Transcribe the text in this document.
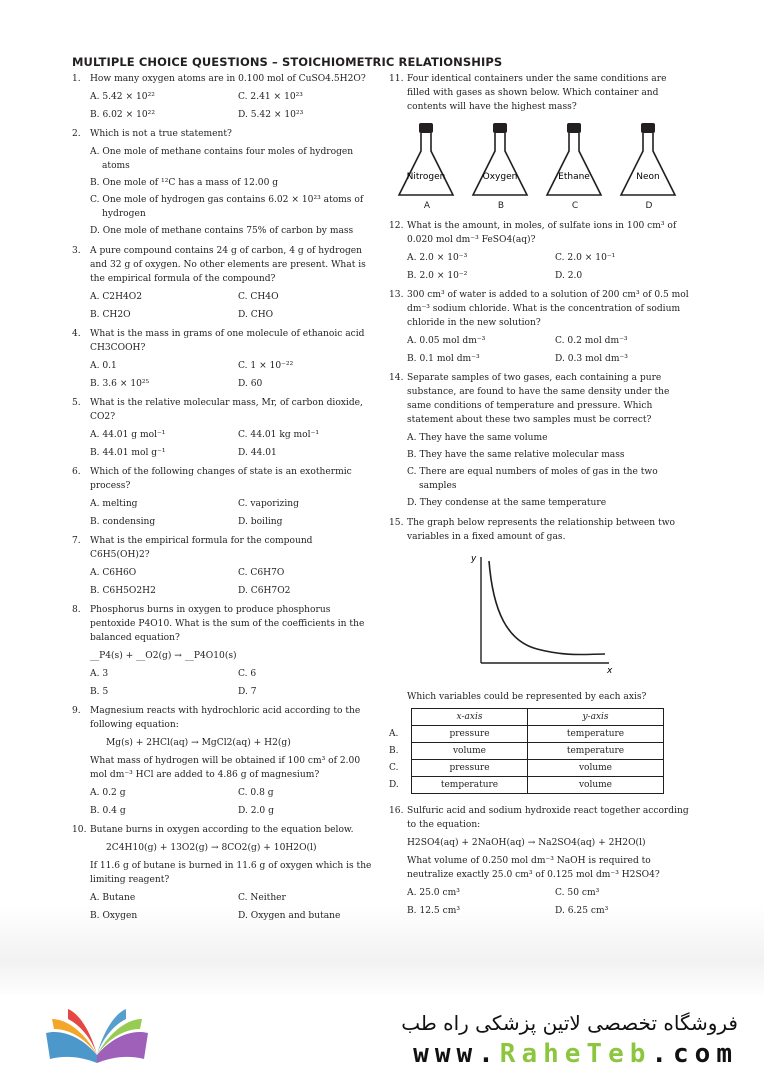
MULTIPLE CHOICE QUESTIONS – STOICHIOMETRIC RELATIONSHIPS
1.	How many oxygen atoms are in 0.100 mol of CuSO4.5H2O?
A. 5.42 × 10²²	C. 2.41 × 10²³
B. 6.02 × 10²²	D. 5.42 × 10²³
2.	Which is not a true statement?
A. One mole of methane contains four moles of hydrogen atoms
B. One mole of ¹²C has a mass of 12.00 g
C. One mole of hydrogen gas contains 6.02 × 10²³ atoms of hydrogen
D. One mole of methane contains 75% of carbon by mass
3.	A pure compound contains 24 g of carbon, 4 g of hydrogen and 32 g of oxygen. No other elements are present. What is the empirical formula of the compound?
A. C2H4O2	C. CH4O
B. CH2O	D. CHO
4.	What is the mass in grams of one molecule of ethanoic acid CH3COOH?
A. 0.1	C. 1 × 10⁻²²
B. 3.6 × 10²⁵	D. 60
5.	What is the relative molecular mass, Mr, of carbon dioxide, CO2?
A. 44.01 g mol⁻¹	C. 44.01 kg mol⁻¹
B. 44.01 mol g⁻¹	D. 44.01
6.	Which of the following changes of state is an exothermic process?
A. melting	C. vaporizing
B. condensing	D. boiling
7.	What is the empirical formula for the compound C6H5(OH)2?
A. C6H6O	C. C6H7O
B. C6H5O2H2	D. C6H7O2
8.	Phosphorus burns in oxygen to produce phosphorus pentoxide P4O10. What is the sum of the coefficients in the balanced equation?
__P4(s) + __O2(g) → __P4O10(s)
A. 3	C. 6
B. 5	D. 7
9.	Magnesium reacts with hydrochloric acid according to the following equation:
Mg(s) + 2HCl(aq) → MgCl2(aq) + H2(g)
What mass of hydrogen will be obtained if 100 cm³ of 2.00 mol dm⁻³ HCl are added to 4.86 g of magnesium?
A. 0.2 g	C. 0.8 g
B. 0.4 g	D. 2.0 g
10. Butane burns in oxygen according to the equation below.
2C4H10(g) + 13O2(g) → 8CO2(g) + 10H2O(l)
If 11.6 g of butane is burned in 11.6 g of oxygen which is the limiting reagent?
A. Butane	C. Neither
B. Oxygen	D. Oxygen and butane
11. Four identical containers under the same conditions are filled with gases as shown below. Which container and contents will have the highest mass?
Nitrogen
A
Oxygen
B
Ethane
C
Neon
D
12. What is the amount, in moles, of sulfate ions in 100 cm³ of 0.020 mol dm⁻³ FeSO4(aq)?
A. 2.0 × 10⁻³	C. 2.0 × 10⁻¹
B. 2.0 × 10⁻²	D. 2.0
13. 300 cm³ of water is added to a solution of 200 cm³ of 0.5 mol dm⁻³ sodium chloride. What is the concentration of sodium chloride in the new solution?
A. 0.05 mol dm⁻³	C. 0.2 mol dm⁻³
B. 0.1 mol dm⁻³	D. 0.3 mol dm⁻³
14. Separate samples of two gases, each containing a pure substance, are found to have the same density under the same conditions of temperature and pressure. Which statement about these two samples must be correct?
A. They have the same volume
B. They have the same relative molecular mass
C. There are equal numbers of moles of gas in the two samples
D. They condense at the same temperature
15. The graph below represents the relationship between two variables in a fixed amount of gas.
y
x
Which variables could be represented by each axis?
	x-axis	y-axis
A.	pressure	temperature
B.	volume	temperature
C.	pressure	volume
D.	temperature	volume
16. Sulfuric acid and sodium hydroxide react together according to the equation:
H2SO4(aq) + 2NaOH(aq) → Na2SO4(aq) + 2H2O(l)
What volume of 0.250 mol dm⁻³ NaOH is required to neutralize exactly 25.0 cm³ of 0.125 mol dm⁻³ H2SO4?
A. 25.0 cm³	C. 50 cm³
B. 12.5 cm³	D. 6.25 cm³
فروشگاه تخصصی لاتین پزشکی راه طب
www.RaheTeb.com
